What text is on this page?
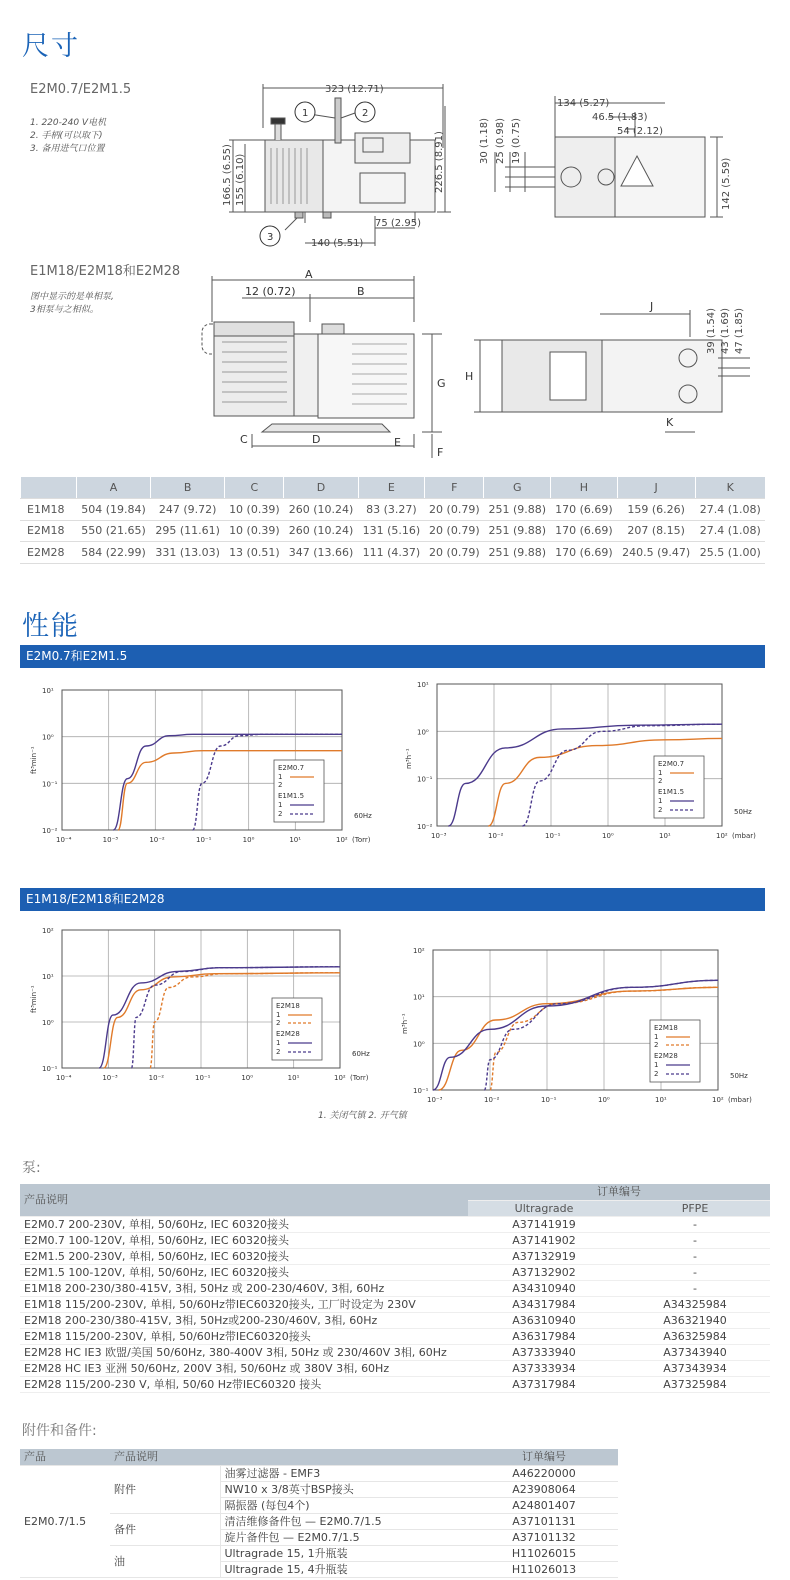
尺寸
E2M0.7/E2M1.5
1. 220-240 V电机
2. 手柄(可以取下)
3. 备用进气口位置
1	2
3
323 (12.71)
166.5 (6.55) 155 (6.10)	226.5 (8.91)
75 (2.95)
140 (5.51)
134 (5.27)
46.5 (1.83)
54 (2.12)
30 (1.18) 25 (0.98) 19 (0.75)
142 (5.59)
E1M18/E2M18和E2M28
图中显示的是单相泵,
3相泵与之相似。
A
B
12 (0.72)
C	D	E
G
F
J
H
K
39 (1.54) 43 (1.69) 47 (1.85)
	A	B	C	D	E	F	G	H	J	K
E1M18	504 (19.84)	247 (9.72)	10 (0.39)	260 (10.24)	83 (3.27)	20 (0.79)	251 (9.88)	170 (6.69)	159 (6.26)	27.4 (1.08)
E2M18	550 (21.65)	295 (11.61)	10 (0.39)	260 (10.24)	131 (5.16)	20 (0.79)	251 (9.88)	170 (6.69)	207 (8.15)	27.4 (1.08)
E2M28	584 (22.99)	331 (13.03)	13 (0.51)	347 (13.66)	111 (4.37)	20 (0.79)	251 (9.88)	170 (6.69)	240.5 (9.47)	25.5 (1.00)
性能
E2M0.7和E2M1.5
E1M18/E2M18和E2M28
10⁻⁴	10⁻³	10⁻²	10⁻¹	10⁰	10¹	10²
10⁻²
10⁻¹
10⁰
10¹
ft³min⁻¹
(Torr)
60Hz
E2M0.7
1
2
E1M1.5
1
2
10⁻³	10⁻²	10⁻¹	10⁰	10¹	10²
10⁻²
10⁻¹
10⁰
10¹
m³h⁻¹
(mbar)
50Hz
E2M0.7
1
2
E1M1.5
1
2
10⁻⁴	10⁻³	10⁻²	10⁻¹	10⁰	10¹	10²
10⁻¹
10⁰
10¹
10²
ft³min⁻¹
(Torr)
60Hz
E2M18
1
2
E2M28
1
2
10⁻³	10⁻²	10⁻¹	10⁰	10¹	10²
10⁻¹
10⁰
10¹
10²
m³h⁻¹
(mbar)
50Hz
E2M18
1
2
E2M28
1
2
1. 关闭气镇 2. 开气镇
泵:
产品说明	订单编号	
	Ultragrade	PFPE
E2M0.7 200-230V, 单相, 50/60Hz, IEC 60320接头	A37141919	-
E2M0.7 100-120V, 单相, 50/60Hz, IEC 60320接头	A37141902	-
E2M1.5 200-230V, 单相, 50/60Hz, IEC 60320接头	A37132919	-
E2M1.5 100-120V, 单相, 50/60Hz, IEC 60320接头	A37132902	-
E1M18 200-230/380-415V, 3相, 50Hz 或 200-230/460V, 3相, 60Hz	A34310940	-
E1M18 115/200-230V, 单相, 50/60Hz带IEC60320接头, 工厂时设定为 230V	A34317984	A34325984
E2M18 200-230/380-415V, 3相, 50Hz或200-230/460V, 3相, 60Hz	A36310940	A36321940
E2M18 115/200-230V, 单相, 50/60Hz带IEC60320接头	A36317984	A36325984
E2M28 HC IE3 欧盟/美国 50/60Hz, 380-400V 3相, 50Hz 或 230/460V 3相, 60Hz	A37333940	A37343940
E2M28 HC IE3 亚洲 50/60Hz, 200V 3相, 50/60Hz 或 380V 3相, 60Hz	A37333934	A37343934
E2M28 115/200-230 V, 单相, 50/60 Hz带IEC60320 接头	A37317984	A37325984
附件和备件:
产品	产品说明		订单编号
E2M0.7/1.5	附件	油雾过滤器 - EMF3	A46220000
		NW10 x 3/8英寸BSP接头	A23908064
		隔振器 (每包4个)	A24801407
	备件	清洁维修备件包 — E2M0.7/1.5	A37101131
		旋片备件包 — E2M0.7/1.5	A37101132
	油	Ultragrade 15, 1升瓶装	H11026015
		Ultragrade 15, 4升瓶装	H11026013
